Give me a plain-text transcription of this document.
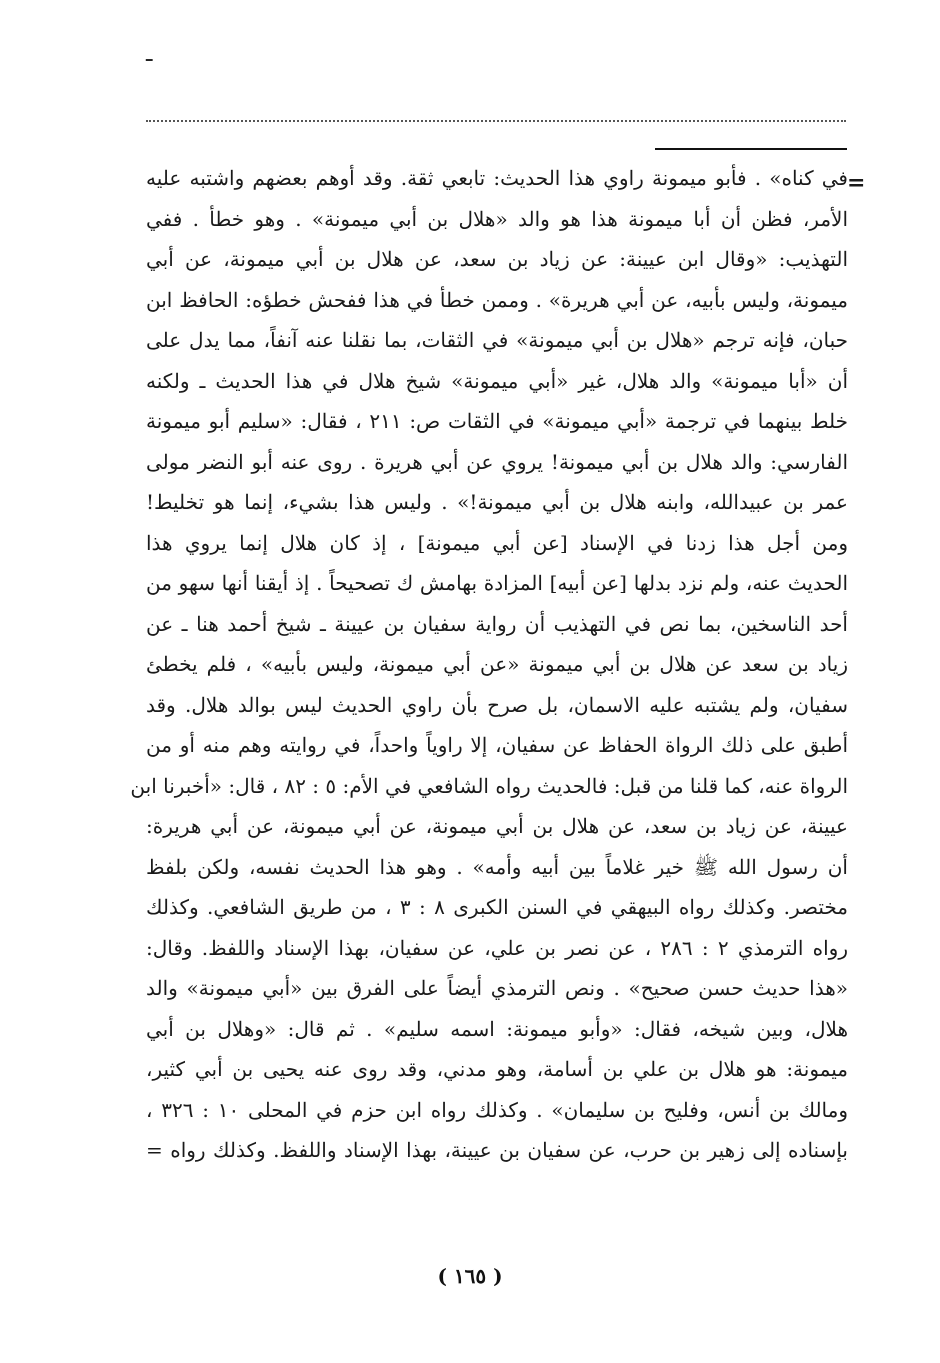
ـ
=
في كناه» . فأبو ميمونة راوي هذا الحديث: تابعي ثقة. وقد أوهم بعضهم واشتبه عليه
الأمر، فظن أن أبا ميمونة هذا هو والد «هلال بن أبي ميمونة» . وهو خطأ . ففي
التهذيب: «وقال ابن عيينة: عن زياد بن سعد، عن هلال بن أبي ميمونة، عن أبي
ميمونة، وليس بأبيه، عن أبي هريرة» . وممن خطأ في هذا ففحش خطؤه: الحافظ ابن
حبان، فإنه ترجم «هلال بن أبي ميمونة» في الثقات، بما نقلنا عنه آنفاً، مما يدل على
أن «أبا ميمونة» والد هلال، غير «أبي ميمونة» شيخ هلال في هذا الحديث ـ ولكنه
خلط بينهما في ترجمة «أبي ميمونة» في الثقات ص: ٢١١ ، فقال: «سليم أبو ميمونة
الفارسي: والد هلال بن أبي ميمونة! يروي عن أبي هريرة . روى عنه أبو النضر مولى
عمر بن عبيدالله، وابنه هلال بن أبي ميمونة!» . وليس هذا بشيء، إنما هو تخليط!
ومن أجل هذا زدنا في الإسناد [عن أبي ميمونة] ، إذ كان هلال إنما يروي هذا
الحديث عنه، ولم نزد بدلها [عن أبيه] المزادة بهامش ك تصحيحاً . إذ أيقنا أنها سهو من
أحد الناسخين، بما نص في التهذيب أن رواية سفيان بن عيينة ـ شيخ أحمد هنا ـ عن
زياد بن سعد عن هلال بن أبي ميمونة «عن أبي ميمونة، وليس بأبيه» ، فلم يخطئ
سفيان، ولم يشتبه عليه الاسمان، بل صرح بأن راوي الحديث ليس بوالد هلال. وقد
أطبق على ذلك الرواة الحفاظ عن سفيان، إلا راوياً واحداً، في روايته وهم منه أو من
الرواة عنه، كما قلنا من قبل: فالحديث رواه الشافعي في الأم: ٥ : ٨٢ ، قال: «أخبرنا ابن
عيينة، عن زياد بن سعد، عن هلال بن أبي ميمونة، عن أبي ميمونة، عن أبي هريرة:
أن رسول الله ﷺ خير غلاماً بين أبيه وأمه» . وهو هذا الحديث نفسه، ولكن بلفظ
مختصر. وكذلك رواه البيهقي في السنن الكبرى ٨ : ٣ ، من طريق الشافعي. وكذلك
رواه الترمذي ٢ : ٢٨٦ ، عن نصر بن علي، عن سفيان، بهذا الإسناد واللفظ. وقال:
«هذا حديث حسن صحيح» . ونص الترمذي أيضاً على الفرق بين «أبي ميمونة» والد
هلال، وبين شيخه، فقال: «وأبو ميمونة: اسمه سليم» . ثم قال: «وهلال بن أبي
ميمونة: هو هلال بن علي بن أسامة، وهو مدني، وقد روى عنه يحيى بن أبي كثير،
ومالك بن أنس، وفليح بن سليمان» . وكذلك رواه ابن حزم في المحلى ١٠ : ٣٢٦ ،
بإسناده إلى زهير بن حرب، عن سفيان بن عيينة، بهذا الإسناد واللفظ. وكذلك رواه =
( ١٦٥ )
